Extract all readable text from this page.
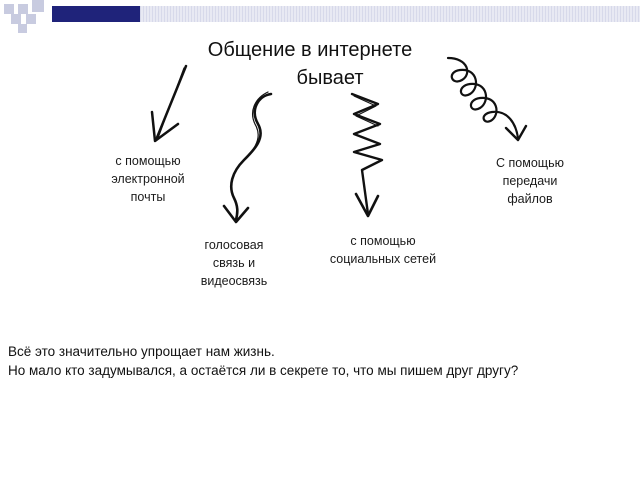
Общение в интернете
бывает
с помощью
электронной
почты
голосовая
связь и
видеосвязь
с помощью
социальных сетей
С помощью
передачи
файлов
Всё это значительно упрощает нам жизнь.
Но мало кто задумывался, а остаётся ли в секрете то, что мы пишем друг другу?
